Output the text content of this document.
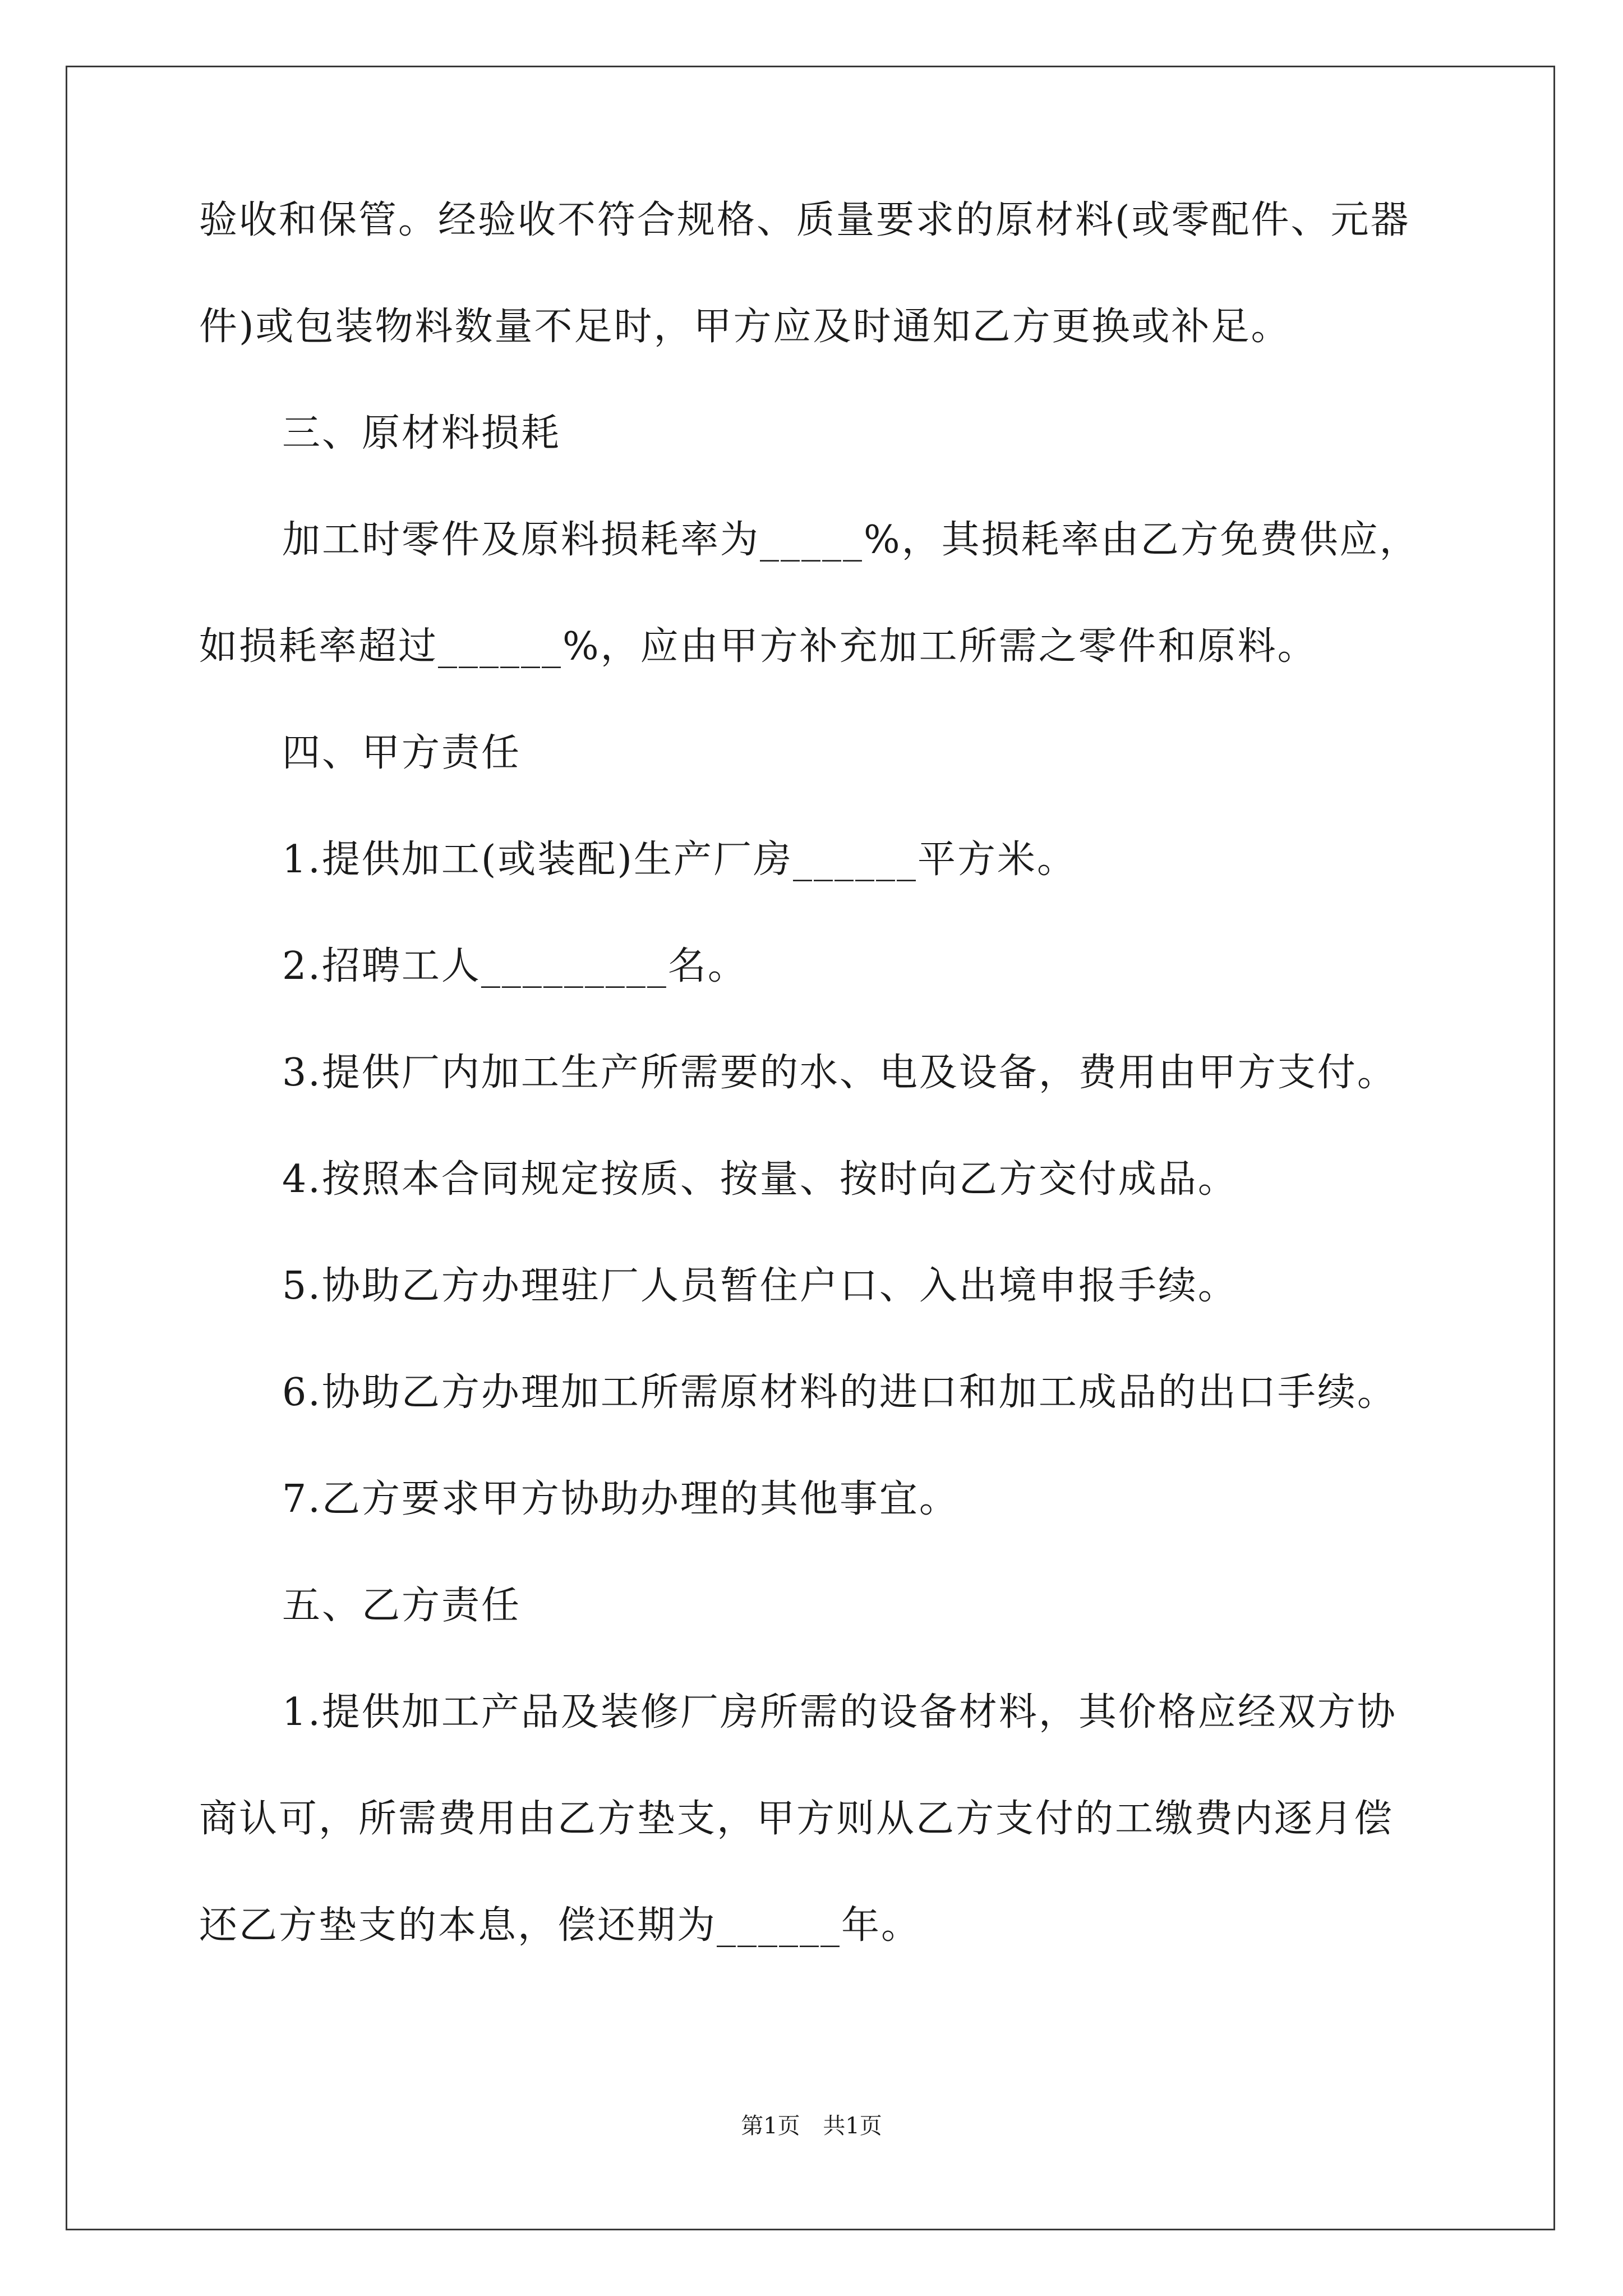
验收和保管。经验收不符合规格、质量要求的原材料(或零配件、元器
件)或包装物料数量不足时，甲方应及时通知乙方更换或补足。
三、原材料损耗
加工时零件及原料损耗率为_____%，其损耗率由乙方免费供应，
如损耗率超过______%，应由甲方补充加工所需之零件和原料。
四、甲方责任
1.提供加工(或装配)生产厂房______平方米。
2.招聘工人_________名。
3.提供厂内加工生产所需要的水、电及设备，费用由甲方支付。
4.按照本合同规定按质、按量、按时向乙方交付成品。
5.协助乙方办理驻厂人员暂住户口、入出境申报手续。
6.协助乙方办理加工所需原材料的进口和加工成品的出口手续。
7.乙方要求甲方协助办理的其他事宜。
五、乙方责任
1.提供加工产品及装修厂房所需的设备材料，其价格应经双方协
商认可，所需费用由乙方垫支，甲方则从乙方支付的工缴费内逐月偿
还乙方垫支的本息，偿还期为______年。
第1页 共1页
